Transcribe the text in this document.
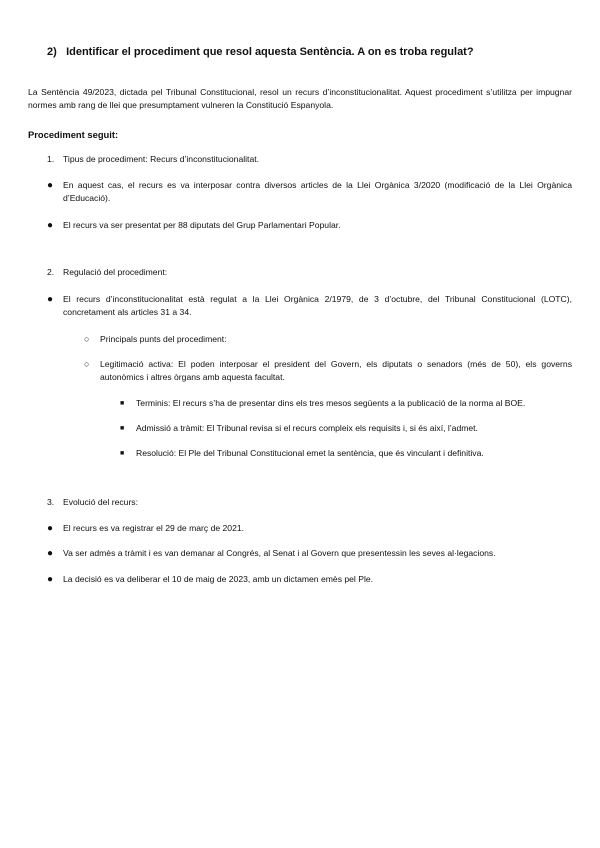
2) Identificar el procediment que resol aquesta Sentència. A on es troba regulat?
La Sentència 49/2023, dictada pel Tribunal Constitucional, resol un recurs d’inconstitucionalitat. Aquest procediment s’utilitza per impugnar normes amb rang de llei que presumptament vulneren la Constitució Espanyola.
Procediment seguit:
1. Tipus de procediment: Recurs d’inconstitucionalitat.
● En aquest cas, el recurs es va interposar contra diversos articles de la Llei Orgànica 3/2020 (modificació de la Llei Orgànica d’Educació).
● El recurs va ser presentat per 88 diputats del Grup Parlamentari Popular.
2. Regulació del procediment:
● El recurs d’inconstitucionalitat està regulat a la Llei Orgànica 2/1979, de 3 d’octubre, del Tribunal Constitucional (LOTC), concretament als articles 31 a 34.
○ Principals punts del procediment:
○ Legitimació activa: El poden interposar el president del Govern, els diputats o senadors (més de 50), els governs autonòmics i altres òrgans amb aquesta facultat.
■ Terminis: El recurs s’ha de presentar dins els tres mesos següents a la publicació de la norma al BOE.
■ Admissió a tràmit: El Tribunal revisa si el recurs compleix els requisits i, si és així, l’admet.
■ Resolució: El Ple del Tribunal Constitucional emet la sentència, que és vinculant i definitiva.
3. Evolució del recurs:
● El recurs es va registrar el 29 de març de 2021.
● Va ser admès a tràmit i es van demanar al Congrés, al Senat i al Govern que presentessin les seves al·legacions.
● La decisió es va deliberar el 10 de maig de 2023, amb un dictamen emès pel Ple.
